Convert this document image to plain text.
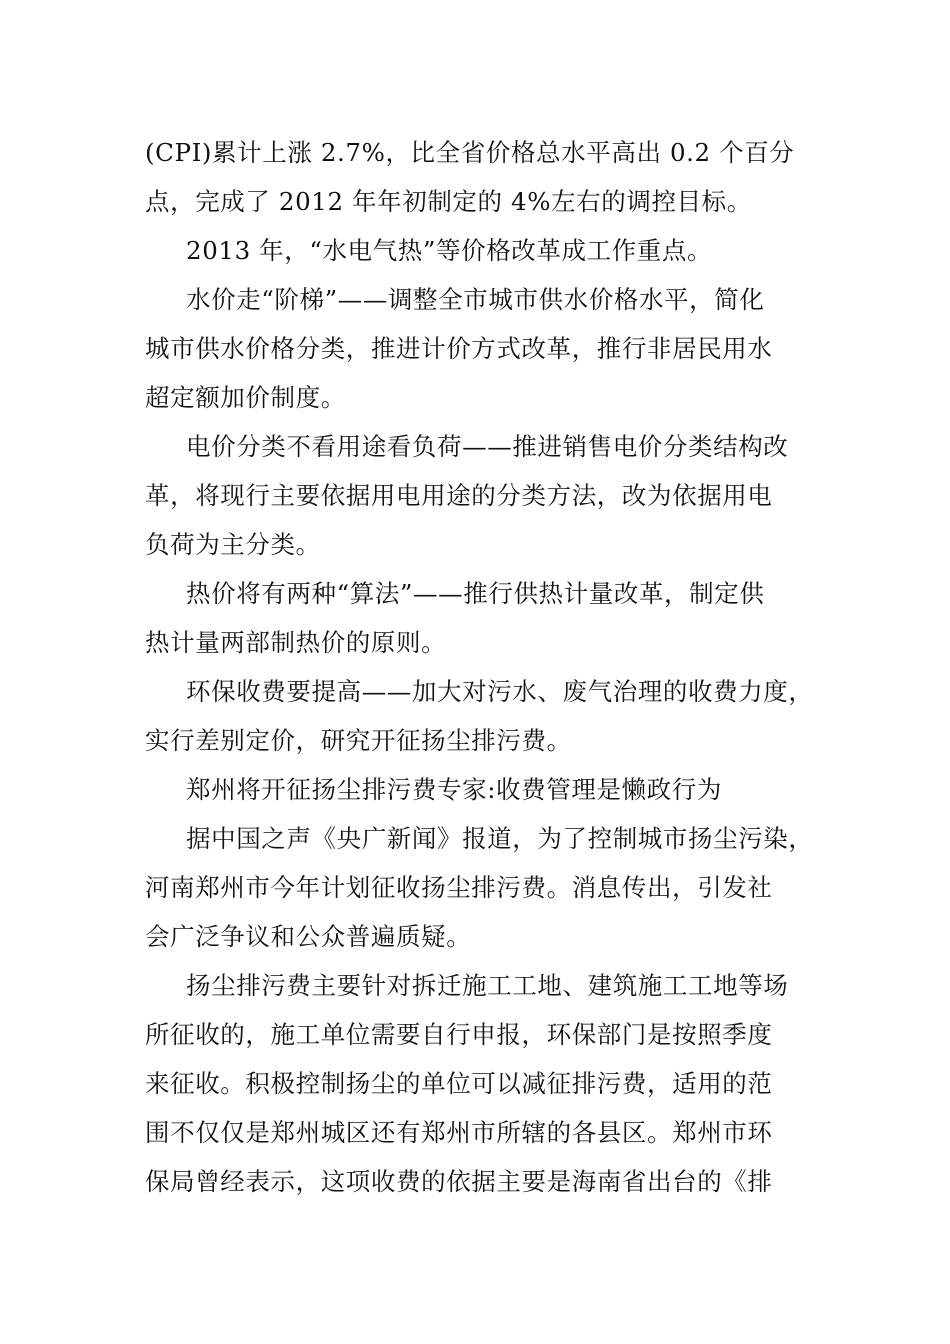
(CPI)累计上涨 2.7%，比全省价格总水平高出 0.2 个百分

点，完成了 2012 年年初制定的 4%左右的调控目标。

2013 年，“水电气热”等价格改革成工作重点。

水价走“阶梯”——调整全市城市供水价格水平，简化

城市供水价格分类，推进计价方式改革，推行非居民用水

超定额加价制度。

电价分类不看用途看负荷——推进销售电价分类结构改

革，将现行主要依据用电用途的分类方法，改为依据用电

负荷为主分类。

热价将有两种“算法”——推行供热计量改革，制定供

热计量两部制热价的原则。

环保收费要提高——加大对污水、废气治理的收费力度，

实行差别定价，研究开征扬尘排污费。

郑州将开征扬尘排污费专家:收费管理是懒政行为

据中国之声《央广新闻》报道，为了控制城市扬尘污染，

河南郑州市今年计划征收扬尘排污费。消息传出，引发社

会广泛争议和公众普遍质疑。

扬尘排污费主要针对拆迁施工工地、建筑施工工地等场

所征收的，施工单位需要自行申报，环保部门是按照季度

来征收。积极控制扬尘的单位可以减征排污费，适用的范

围不仅仅是郑州城区还有郑州市所辖的各县区。郑州市环

保局曾经表示，这项收费的依据主要是海南省出台的《排
